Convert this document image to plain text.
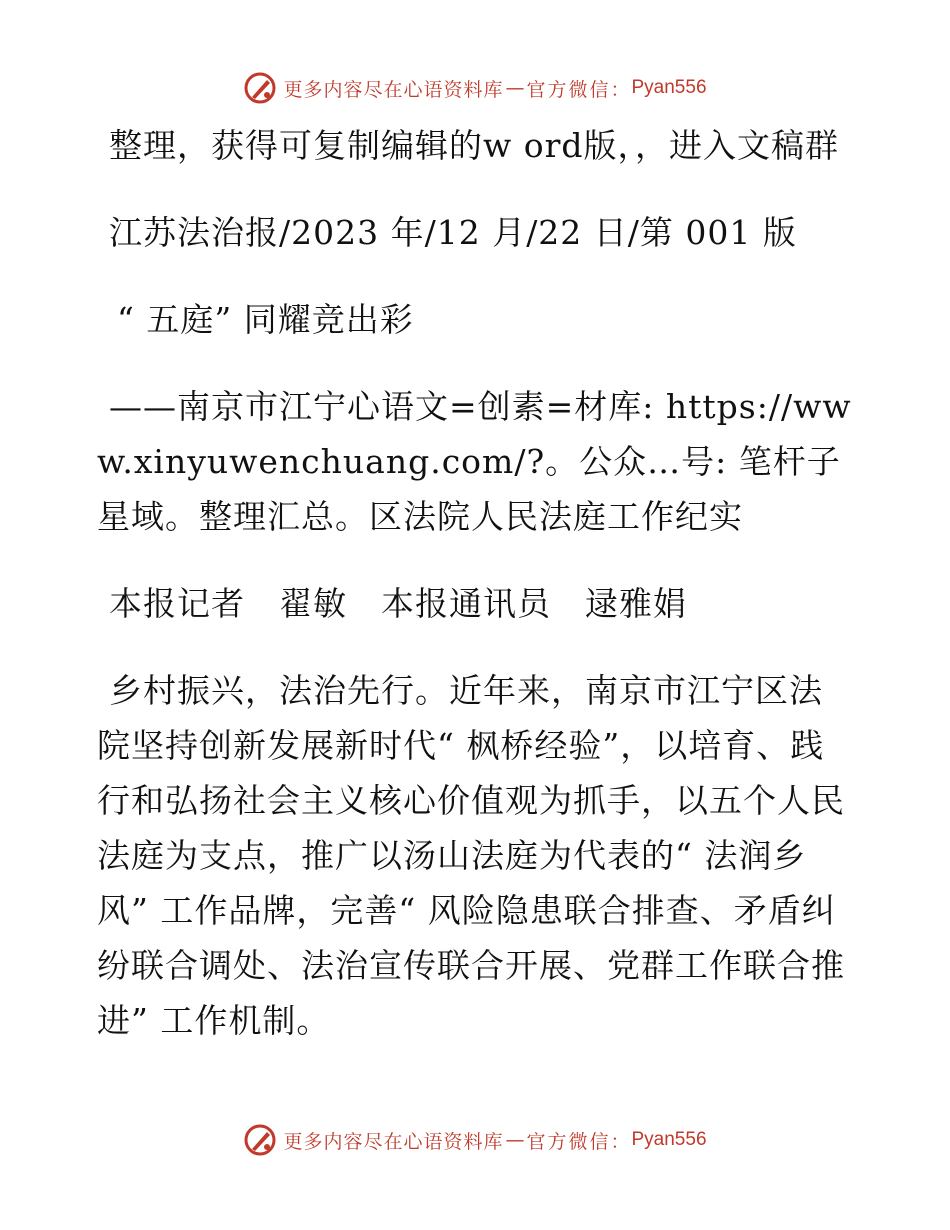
更多内容尽在心语资料库 — 官方微信： Pyan556

整理，获得可复制编辑的w ord版，，进入文稿群

江苏法治报/2023 年/12 月/22 日/第 001 版

“ 五庭” 同耀竞出彩

——南京市江宁心语文=创素=材库: https://www.xinyuwenchuang.com/?。公众…号: 笔杆子星域。整理汇总。区法院人民法庭工作纪实

本报记者　翟敏　本报通讯员　逯雅娟

乡村振兴，法治先行。近年来，南京市江宁区法院坚持创新发展新时代“ 枫桥经验”，以培育、践行和弘扬社会主义核心价值观为抓手，以五个人民法庭为支点，推广以汤山法庭为代表的“ 法润乡风” 工作品牌，完善“ 风险隐患联合排查、矛盾纠纷联合调处、法治宣传联合开展、党群工作联合推进” 工作机制。

更多内容尽在心语资料库 — 官方微信： Pyan556
